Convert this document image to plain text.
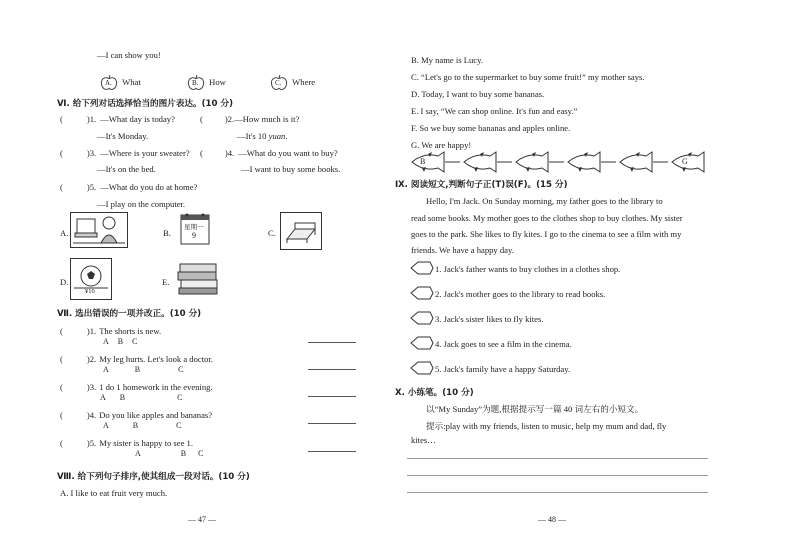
—I can show you!

A. What
	B. How
	C. Where
Ⅵ. 给下列对话选择恰当的图片表达。(10 分)
(	)1. —What day is today?
—It's Monday.
(	)2.—How much is it?
—It's 10 yuan.
(	)3. —Where is your sweater?
—It's on the bed.
(	)4. —What do you want to buy?
—I want to buy some books.
(	)5. —What do you do at home?
—I play on the computer.
A.	B.
星期一
9	C.
D.
¥10
E.
Ⅶ. 选出错误的一项并改正。(10 分)
(	)1. The shorts is new.
ABC
(	)2. My leg hurts. Let's look a doctor.
A	B	C
(	)3. 1 do 1 homework in the evening.
A B	C
(	)4. Do you like apples and bananas?
A	B	C
(	)5. My sister is happy to see 1.
A	B C
Ⅷ. 给下列句子排序,使其组成一段对话。(10 分)
A. I like to eat fruit very much.
— 47 —
B. My name is Lucy.
C. “Let's go to the supermarket to buy some fruit!” my mother says.
D. Today, I want to buy some bananas.
E. I say, “We can shop online. It's fun and easy.”
F. So we buy some bananas and apples online.
G. We are happy!
B	G
Ⅸ. 阅读短文,判断句子正(T)误(F)。(15 分)
Hello, I'm Jack. On Sunday morning, my father goes to the library to
read some books. My mother goes to the clothes shop to buy clothes. My sister
goes to the park. She likes to fly kites. I go to the cinema to see a film with my
friends. We have a happy day.
1. Jack's father wants to buy clothes in a clothes shop.
2. Jack's mother goes to the library to read books.
3. Jack's sister likes to fly kites.
4. Jack goes to see a film in the cinema.
5. Jack's family have a happy Saturday.
Ⅹ. 小练笔。(10 分)
以“My Sunday”为题,根据提示写一篇 40 词左右的小短文。
提示:play with my friends, listen to music, help my mum and dad, fly
kites…
— 48 —
